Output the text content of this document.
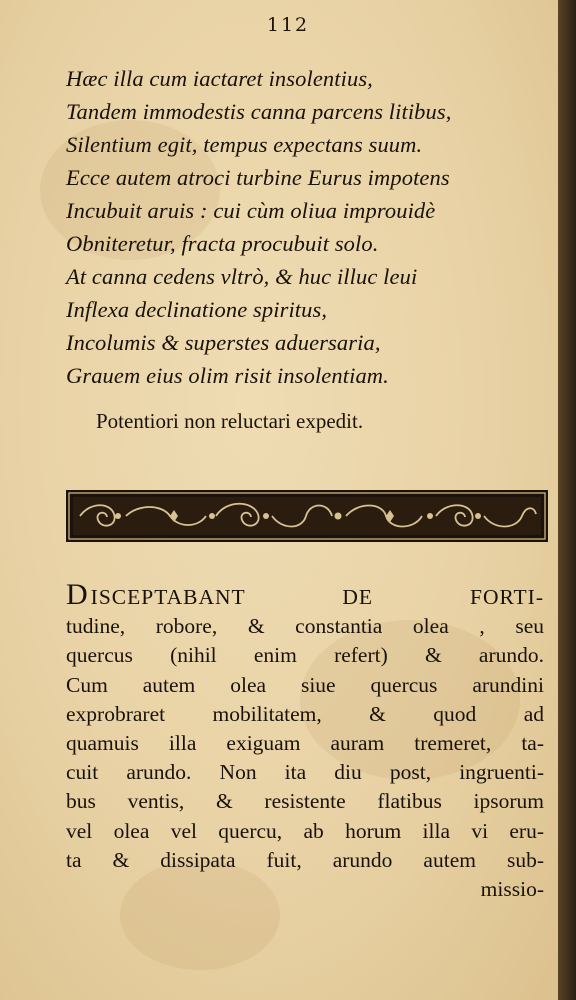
112
Hæc illa cum iactaret insolentius,
Tandem immodestis canna parcens litibus,
Silentium egit, tempus expectans suum.
Ecce autem atroci turbine Eurus impotens
Incubuit aruis : cui cùm oliua improuidè
Obniteretur, fracta procubuit solo.
At canna cedens vltrò, & huc illuc leui
Inflexa declinatione spiritus,
Incolumis & superstes aduersaria,
Grauem eius olim risit insolentiam.
Potentiori non reluctari expedit.
DISCEPTABANT DE FORTI-
tudine, robore, & constantia olea , seu
quercus (nihil enim refert) & arundo.
Cum autem olea siue quercus arundini
exprobraret mobilitatem, & quod ad
quamuis illa exiguam auram tremeret, ta-
cuit arundo. Non ita diu post, ingruenti-
bus ventis, & resistente flatibus ipsorum
vel olea vel quercu, ab horum illa vi eru-
ta & dissipata fuit, arundo autem sub-
missio-
